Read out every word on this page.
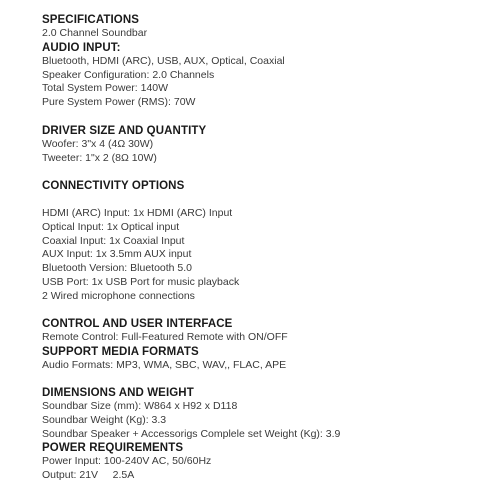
SPECIFICATIONS
2.0 Channel Soundbar
AUDIO INPUT:
Bluetooth, HDMI (ARC), USB, AUX, Optical, Coaxial
Speaker Configuration: 2.0 Channels
Total System Power: 140W
Pure System Power (RMS): 70W
DRIVER SIZE AND QUANTITY
Woofer: 3"x 4 (4Ω 30W)
Tweeter: 1"x 2 (8Ω 10W)
CONNECTIVITY OPTIONS
HDMI (ARC) Input: 1x HDMI (ARC) Input
Optical Input: 1x Optical input
Coaxial Input: 1x Coaxial Input
AUX Input: 1x 3.5mm AUX input
Bluetooth Version: Bluetooth 5.0
USB Port: 1x USB Port for music playback
2 Wired microphone connections
CONTROL AND USER INTERFACE
Remote Control: Full-Featured Remote with ON/OFF
SUPPORT MEDIA FORMATS
Audio Formats: MP3, WMA, SBC, WAV,, FLAC, APE
DIMENSIONS AND WEIGHT
Soundbar Size (mm): W864 x H92 x D118
Soundbar Weight (Kg): 3.3
Soundbar Speaker + Accessorigs Complele set Weight (Kg): 3.9
POWER REQUIREMENTS
Power Input: 100-240V AC, 50/60Hz
Output: 21V     2.5A
